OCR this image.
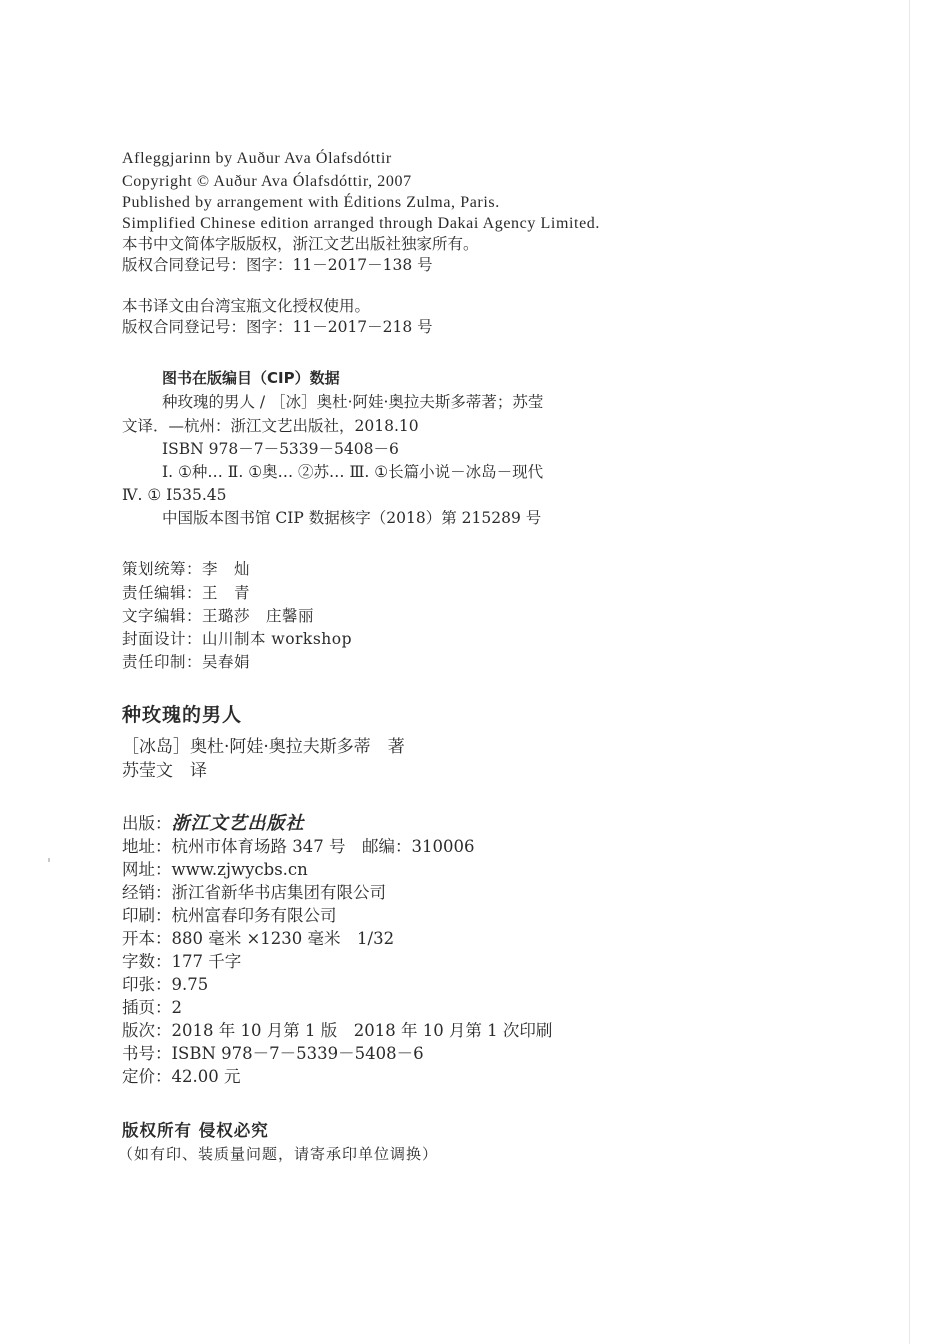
Afleggjarinn by Auður Ava Ólafsdóttir
Copyright © Auður Ava Ólafsdóttir, 2007
Published by arrangement with Éditions Zulma, Paris.
Simplified Chinese edition arranged through Dakai Agency Limited.
本书中文简体字版版权，浙江文艺出版社独家所有。
版权合同登记号：图字：11－2017－138 号
本书译文由台湾宝瓶文化授权使用。
版权合同登记号：图字：11－2017－218 号
图书在版编目（CIP）数据
种玫瑰的男人 / ［冰］奥杜·阿娃·奥拉夫斯多蒂著；苏莹
文译．—杭州：浙江文艺出版社，2018.10
ISBN 978－7－5339－5408－6
Ⅰ. ①种… Ⅱ. ①奥… ②苏… Ⅲ. ①长篇小说－冰岛－现代
Ⅳ. ① I535.45
中国版本图书馆 CIP 数据核字（2018）第 215289 号
策划统筹：李　灿
责任编辑：王　青
文字编辑：王璐莎　庄馨丽
封面设计：山川制本 workshop
责任印制：吴春娟
种玫瑰的男人
［冰岛］奥杜·阿娃·奥拉夫斯多蒂　著
苏莹文　译
出版：浙江文艺出版社
地址：杭州市体育场路 347 号　邮编：310006
网址：www.zjwycbs.cn
经销：浙江省新华书店集团有限公司
印刷：杭州富春印务有限公司
开本：880 毫米 ×1230 毫米　1/32
字数：177 千字
印张：9.75
插页：2
版次：2018 年 10 月第 1 版　2018 年 10 月第 1 次印刷
书号：ISBN 978－7－5339－5408－6
定价：42.00 元
版权所有 侵权必究
（如有印、装质量问题，请寄承印单位调换）
